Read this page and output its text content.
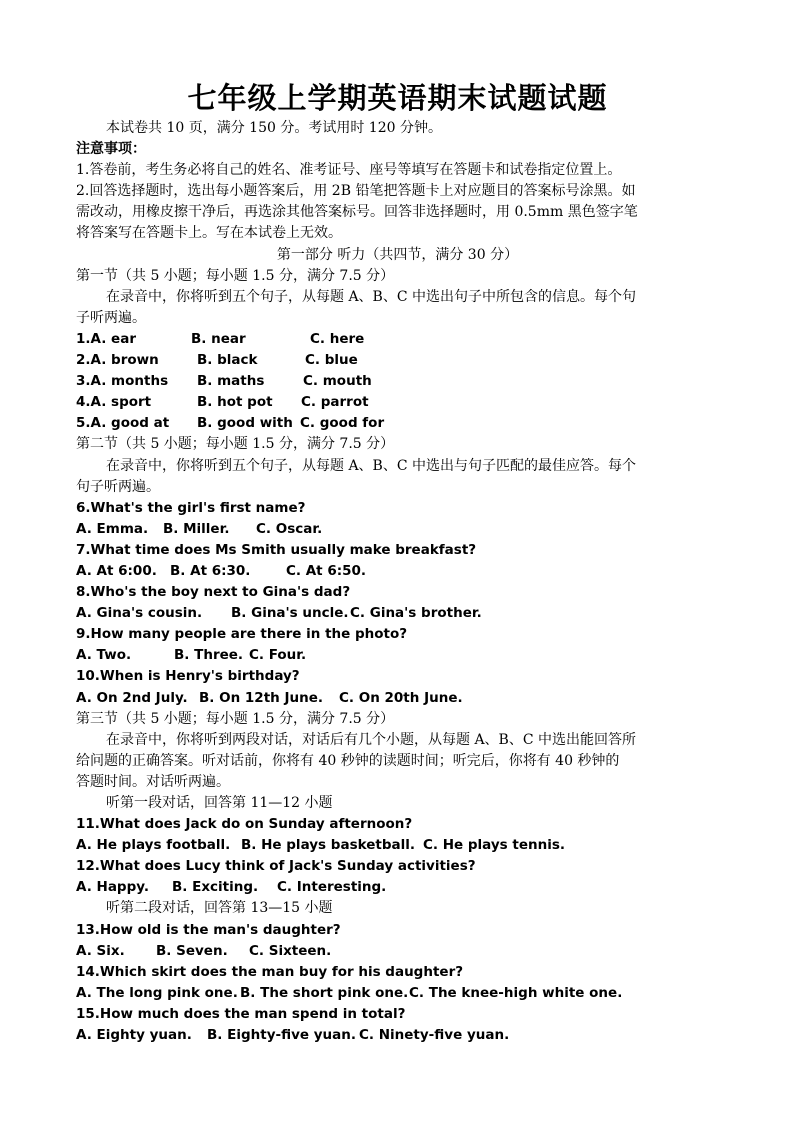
七年级上学期英语期末试题试题
本试卷共 10 页，满分 150 分。考试用时 120 分钟。
注意事项：
1.答卷前，考生务必将自己的姓名、准考证号、座号等填写在答题卡和试卷指定位置上。
2.回答选择题时，选出每小题答案后，用 2B 铅笔把答题卡上对应题目的答案标号涂黑。如
需改动，用橡皮擦干净后，再选涂其他答案标号。回答非选择题时，用 0.5mm 黑色签字笔
将答案写在答题卡上。写在本试卷上无效。
第一部分 听力（共四节，满分 30 分）
第一节（共 5 小题；每小题 1.5 分，满分 7.5 分）
在录音中，你将听到五个句子，从每题 A、B、C 中选出句子中所包含的信息。每个句
子听两遍。
1.A. ear	B. near	C. here
2.A. brown	B. black	C. blue
3.A. months	B. maths	C. mouth
4.A. sport	B. hot pot	C. parrot
5.A. good at	B. good with C. good for
第二节（共 5 小题；每小题 1.5 分，满分 7.5 分）
在录音中，你将听到五个句子，从每题 A、B、C 中选出与句子匹配的最佳应答。每个
句子听两遍。
6.What's the girl's first name?
A. Emma.	B. Miller.	C. Oscar.
7.What time does Ms Smith usually make breakfast?
A. At 6:00. B. At 6:30.	C. At 6:50.
8.Who's the boy next to Gina's dad?
A. Gina's cousin.	B. Gina's uncle. C. Gina's brother.
9.How many people are there in the photo?
A. Two.	B. Three. C. Four.
10.When is Henry's birthday?
A. On 2nd July. B. On 12th June.	C. On 20th June.
第三节（共 5 小题；每小题 1.5 分，满分 7.5 分）
在录音中，你将听到两段对话，对话后有几个小题，从每题 A、B、C 中选出能回答所
给问题的正确答案。听对话前，你将有 40 秒钟的读题时间；听完后，你将有 40 秒钟的
答题时间。对话听两遍。
听第一段对话，回答第 11—12 小题
11.What does Jack do on Sunday afternoon?
A. He plays football. B. He plays basketball. C. He plays tennis.
12.What does Lucy think of Jack's Sunday activities?
A. Happy.	B. Exciting.	C. Interesting.
听第二段对话，回答第 13—15 小题
13.How old is the man's daughter?
A. Six.	B. Seven.	C. Sixteen.
14.Which skirt does the man buy for his daughter?
A. The long pink one. B. The short pink one. C. The knee-high white one.
15.How much does the man spend in total?
A. Eighty yuan.	B. Eighty-five yuan. C. Ninety-five yuan.
